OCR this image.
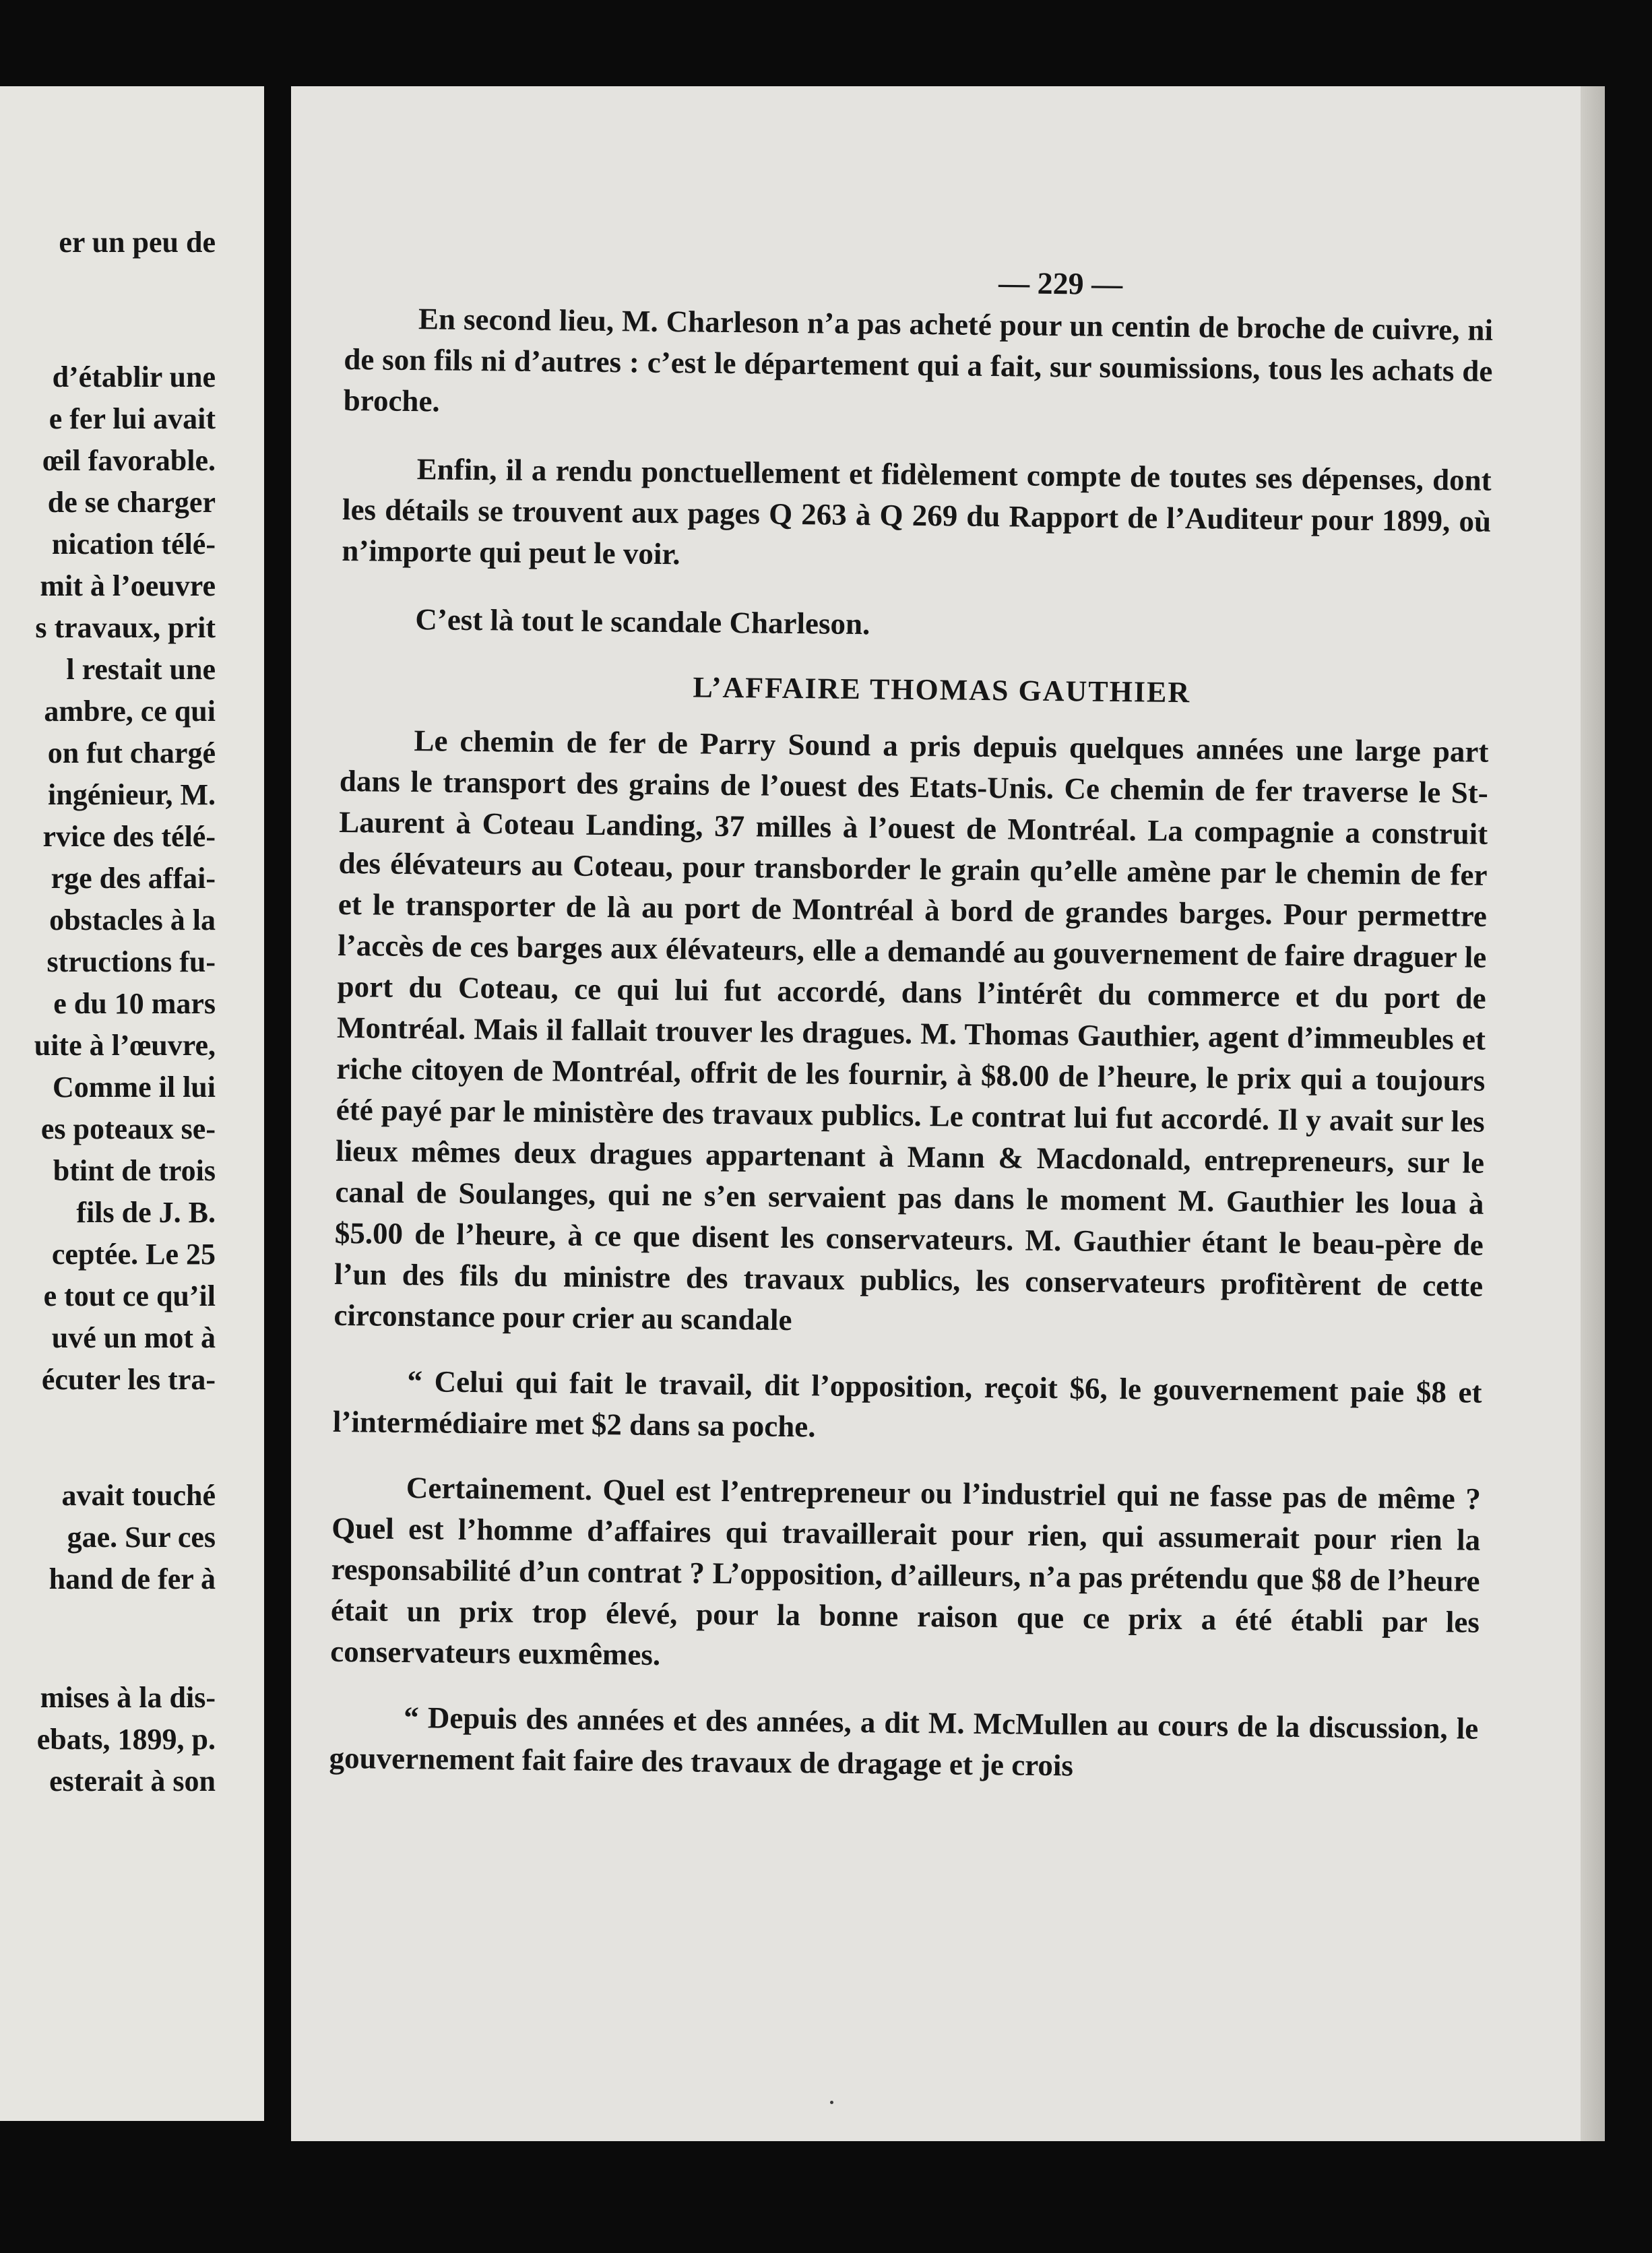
er un peu de
d’établir une
e fer lui avait
œil favorable.
de se charger
nication télé-
mit à l’oeuvre
s travaux, prit
l restait une
ambre, ce qui
on fut chargé
ingénieur, M.
rvice des télé-
rge des affai-
obstacles à la
structions fu-
e du 10 mars
uite à l’œuvre,
Comme il lui
es poteaux se-
btint de trois
fils de J. B.
ceptée. Le 25
e tout ce qu’il
uvé un mot à
écuter les tra-
avait touché
gae. Sur ces
hand de fer à
mises à la dis-
ebats, 1899, p.
esterait à son
— 229 —

En second lieu, M. Charleson n’a pas acheté pour un centin de broche de cuivre, ni de son fils ni d’autres : c’est le département qui a fait, sur soumissions, tous les achats de broche.

Enfin, il a rendu ponctuellement et fidèlement compte de toutes ses dépenses, dont les détails se trouvent aux pages Q 263 à Q 269 du Rapport de l’Auditeur pour 1899, où n’importe qui peut le voir.

C’est là tout le scandale Charleson.

L’AFFAIRE THOMAS GAUTHIER

Le chemin de fer de Parry Sound a pris depuis quelques années une large part dans le transport des grains de l’ouest des Etats-Unis. Ce chemin de fer traverse le St-Laurent à Coteau Landing, 37 milles à l’ouest de Montréal. La compagnie a construit des élévateurs au Coteau, pour transborder le grain qu’elle amène par le chemin de fer et le transporter de là au port de Montréal à bord de grandes barges. Pour permettre l’accès de ces barges aux élévateurs, elle a demandé au gouvernement de faire draguer le port du Coteau, ce qui lui fut accordé, dans l’intérêt du commerce et du port de Montréal. Mais il fallait trouver les dragues. M. Thomas Gauthier, agent d’immeubles et riche citoyen de Montréal, offrit de les fournir, à $8.00 de l’heure, le prix qui a toujours été payé par le ministère des travaux publics. Le contrat lui fut accordé. Il y avait sur les lieux mêmes deux dragues appartenant à Mann & Macdonald, entrepreneurs, sur le canal de Soulanges, qui ne s’en servaient pas dans le moment M. Gauthier les loua à $5.00 de l’heure, à ce que disent les conservateurs. M. Gauthier étant le beau-père de l’un des fils du ministre des travaux publics, les conservateurs profitèrent de cette circonstance pour crier au scandale

“ Celui qui fait le travail, dit l’opposition, reçoit $6, le gouvernement paie $8 et l’intermédiaire met $2 dans sa poche.

Certainement. Quel est l’entrepreneur ou l’industriel qui ne fasse pas de même ? Quel est l’homme d’affaires qui travaillerait pour rien, qui assumerait pour rien la responsabilité d’un contrat ? L’opposition, d’ailleurs, n’a pas prétendu que $8 de l’heure était un prix trop élevé, pour la bonne raison que ce prix a été établi par les conservateurs euxmêmes.

“ Depuis des années et des années, a dit M. McMullen au cours de la discussion, le gouvernement fait faire des travaux de dragage et je crois
